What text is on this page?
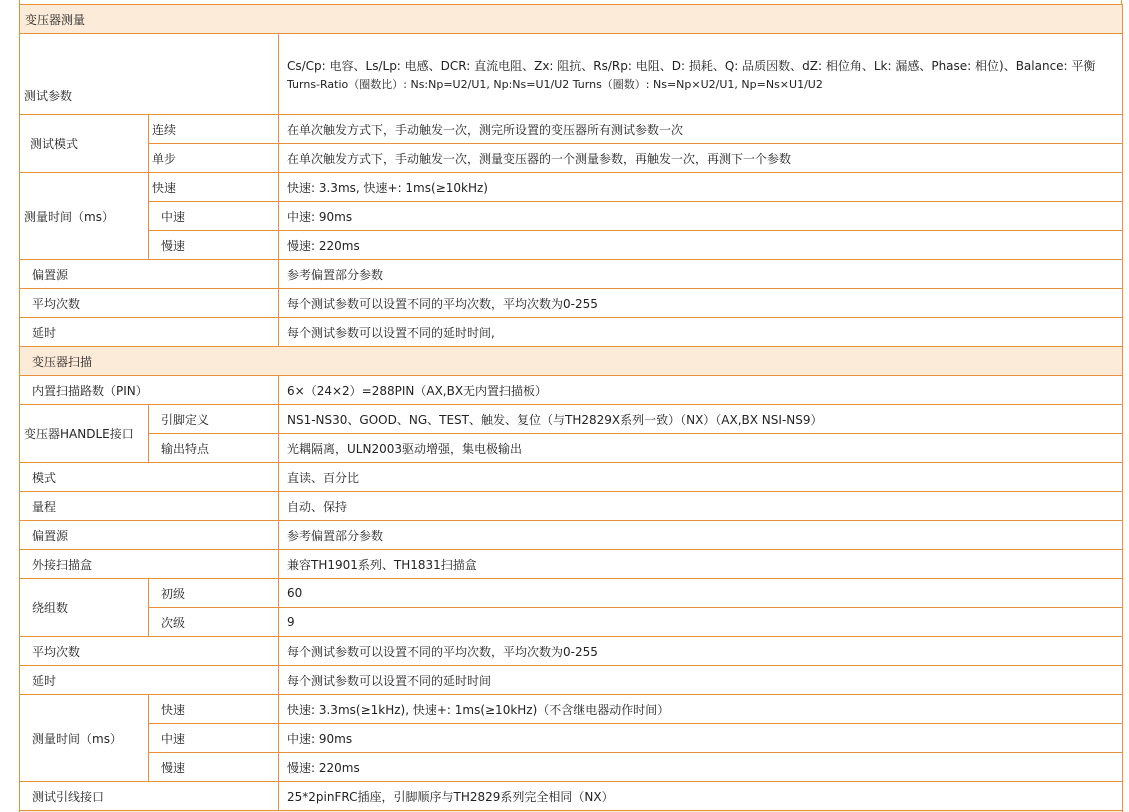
变压器测量		
测试参数		Cs/Cp: 电容、Ls/Lp: 电感、DCR: 直流电阻、Zx: 阻抗、Rs/Rp: 电阻、D: 损耗、Q: 品质因数、dZ: 相位角、Lk: 漏感、Phase: 相位)、Balance: 平衡
Turns-Ratio（圈数比）: Ns:Np=U2/U1, Np:Ns=U1/U2 Turns（圈数）: Ns=Np×U2/U1, Np=Ns×U1/U2

测试模式	连续	在单次触发方式下，手动触发一次，测完所设置的变压器所有测试参数一次
	单步	在单次触发方式下，手动触发一次，测量变压器的一个测量参数，再触发一次，再测下一个参数
测量时间（ms）	快速	快速: 3.3ms, 快速+: 1ms(≥10kHz)
	中速	中速: 90ms
	慢速	慢速: 220ms
偏置源		参考偏置部分参数
平均次数		每个测试参数可以设置不同的平均次数，平均次数为0-255
延时		每个测试参数可以设置不同的延时时间,
变压器扫描		
内置扫描路数（PIN）		6×（24×2）=288PIN（AX,BX无内置扫描板）
变压器HANDLE接口	引脚定义	NS1-NS30、GOOD、NG、TEST、触发、复位（与TH2829X系列一致）（NX）（AX,BX NSI-NS9）
	输出特点	光耦隔离，ULN2003驱动增强，集电极输出
模式		直读、百分比
量程		自动、保持
偏置源		参考偏置部分参数
外接扫描盒		兼容TH1901系列、TH1831扫描盒
绕组数	初级	60
	次级	9
平均次数		每个测试参数可以设置不同的平均次数，平均次数为0-255
延时		每个测试参数可以设置不同的延时时间
测量时间（ms）	快速	快速: 3.3ms(≥1kHz), 快速+: 1ms(≥10kHz)（不含继电器动作时间）
	中速	中速: 90ms
	慢速	慢速: 220ms
测试引线接口		25*2pinFRC插座，引脚顺序与TH2829系列完全相同（NX）
